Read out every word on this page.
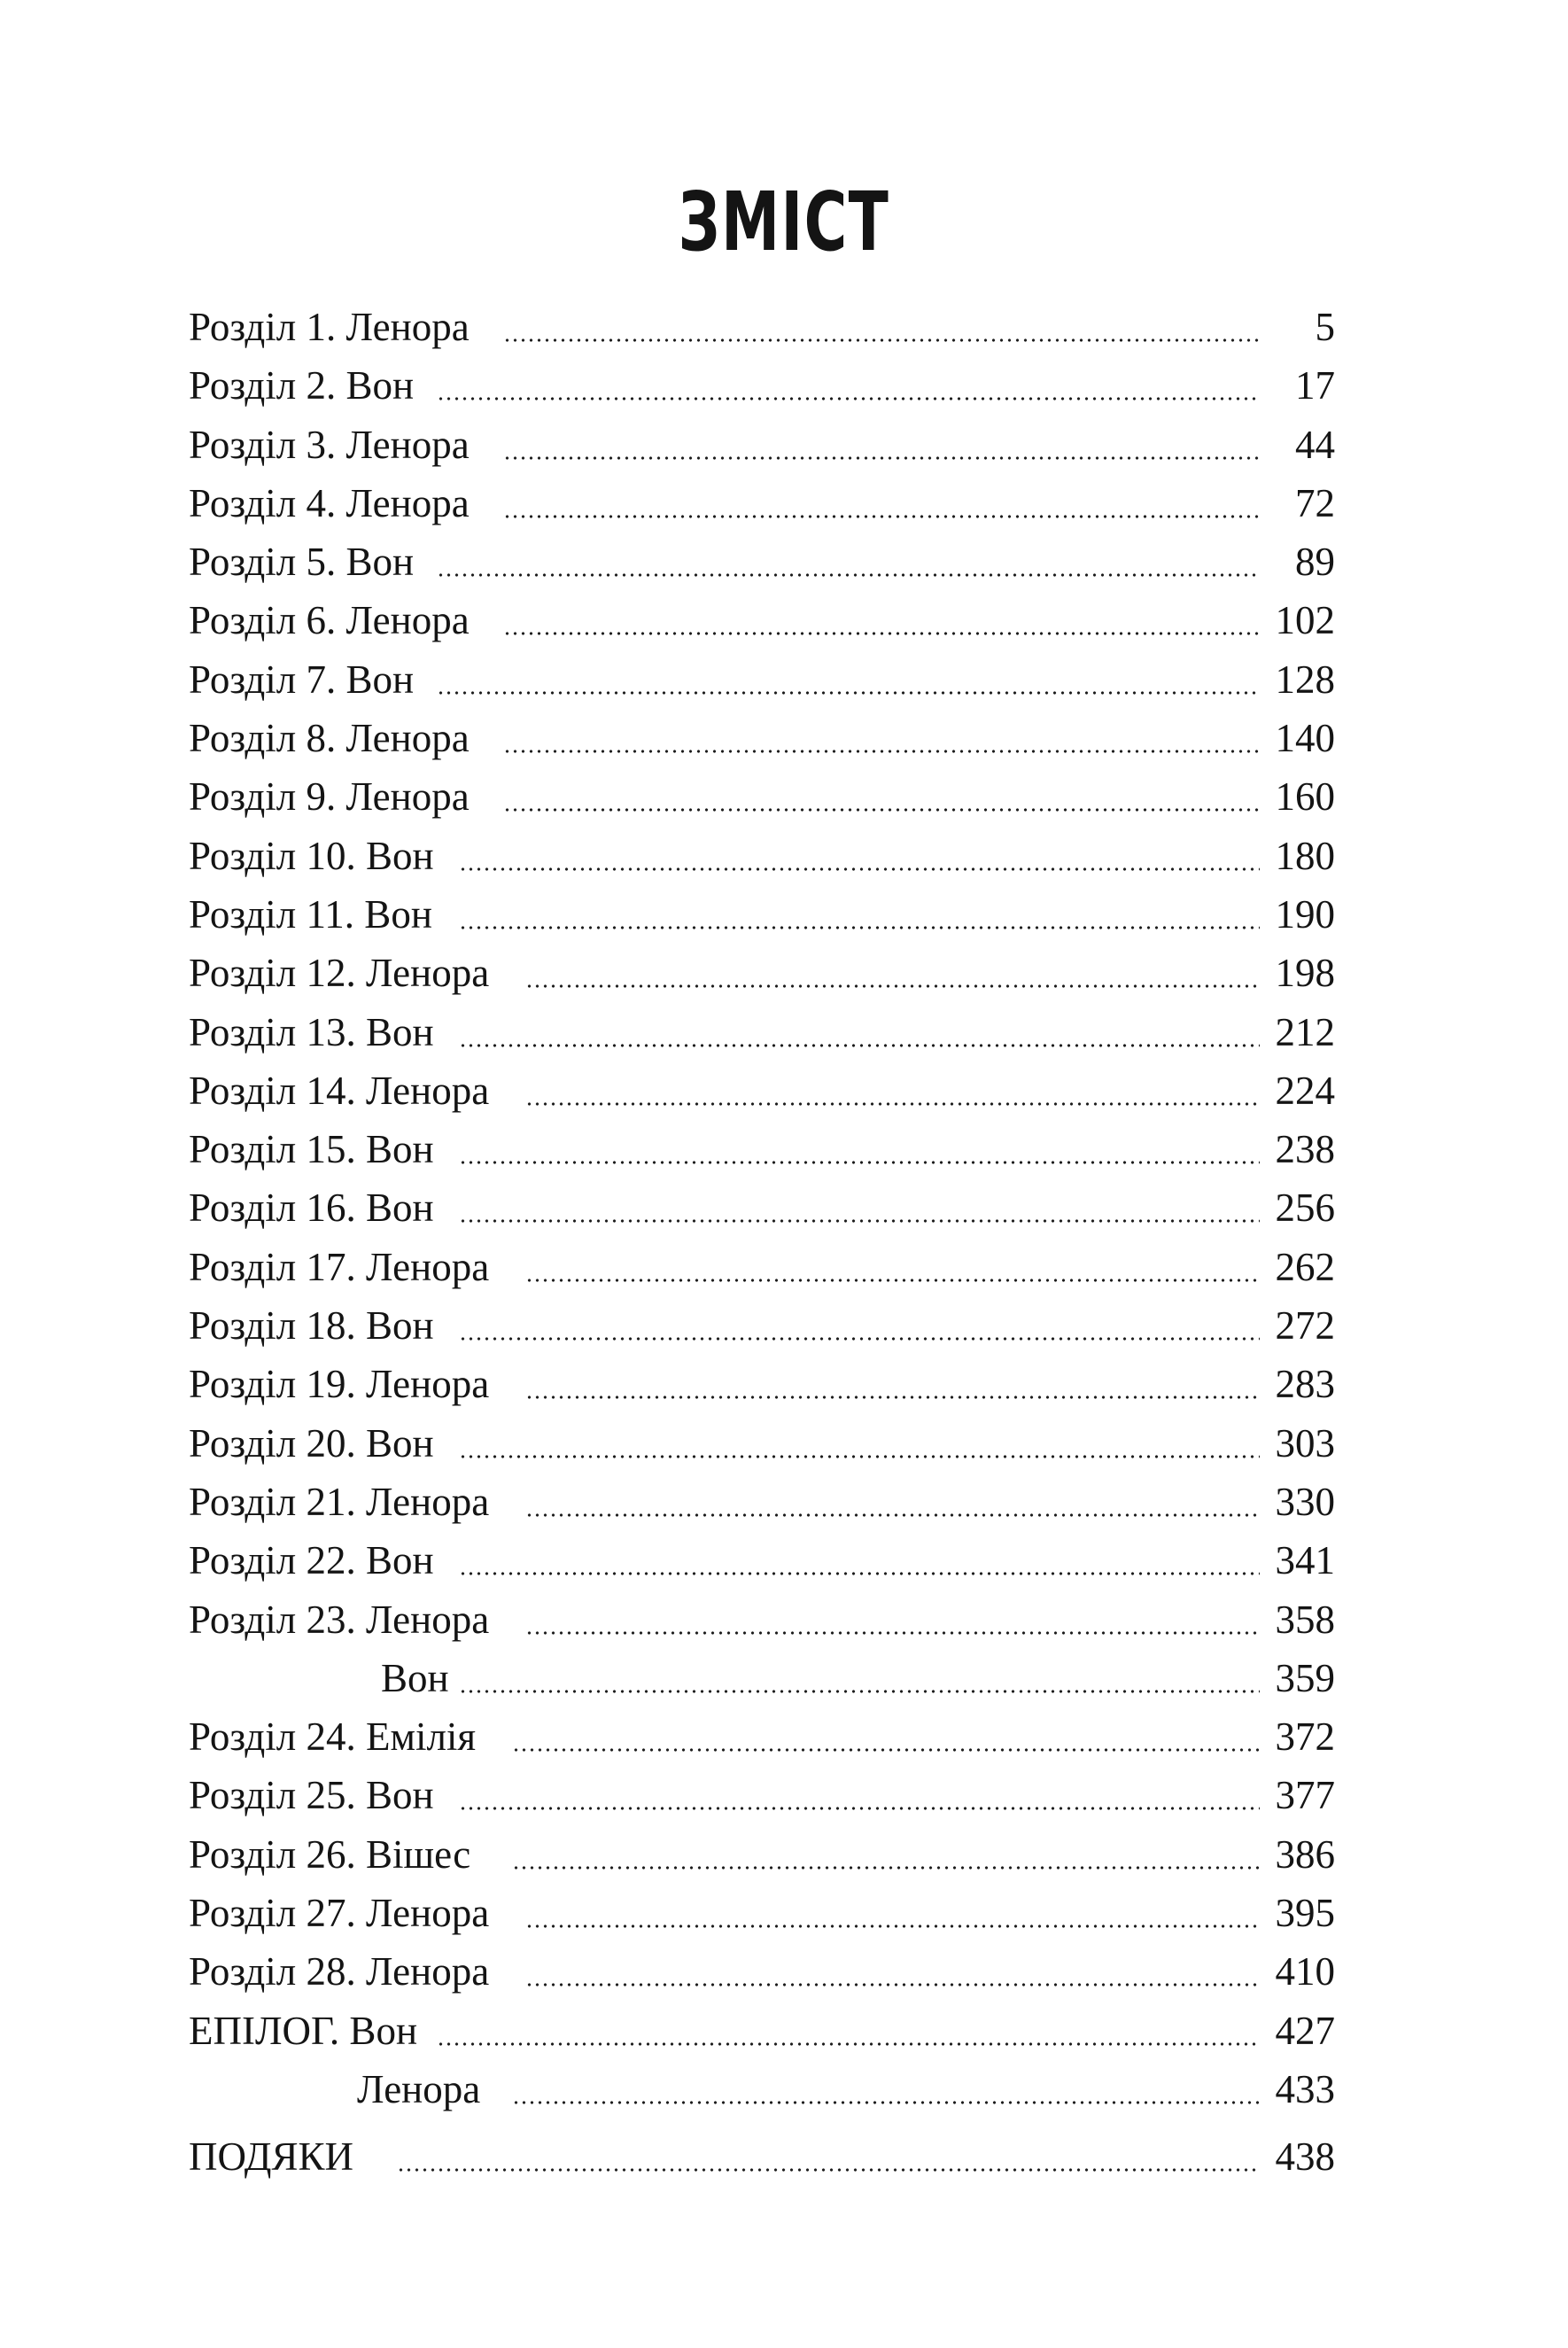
ЗМІСТ
Розділ 1. Ленора	5
Розділ 2. Вон	17
Розділ 3. Ленора	44
Розділ 4. Ленора	72
Розділ 5. Вон	89
Розділ 6. Ленора	102
Розділ 7. Вон	128
Розділ 8. Ленора	140
Розділ 9. Ленора	160
Розділ 10. Вон	180
Розділ 11. Вон	190
Розділ 12. Ленора	198
Розділ 13. Вон	212
Розділ 14. Ленора	224
Розділ 15. Вон	238
Розділ 16. Вон	256
Розділ 17. Ленора	262
Розділ 18. Вон	272
Розділ 19. Ленора	283
Розділ 20. Вон	303
Розділ 21. Ленора	330
Розділ 22. Вон	341
Розділ 23. Ленора	358
Вон	359
Розділ 24. Емілія	372
Розділ 25. Вон	377
Розділ 26. Вішес	386
Розділ 27. Ленора	395
Розділ 28. Ленора	410
ЕПІЛОГ. Вон	427
Ленора	433
ПОДЯКИ	438
